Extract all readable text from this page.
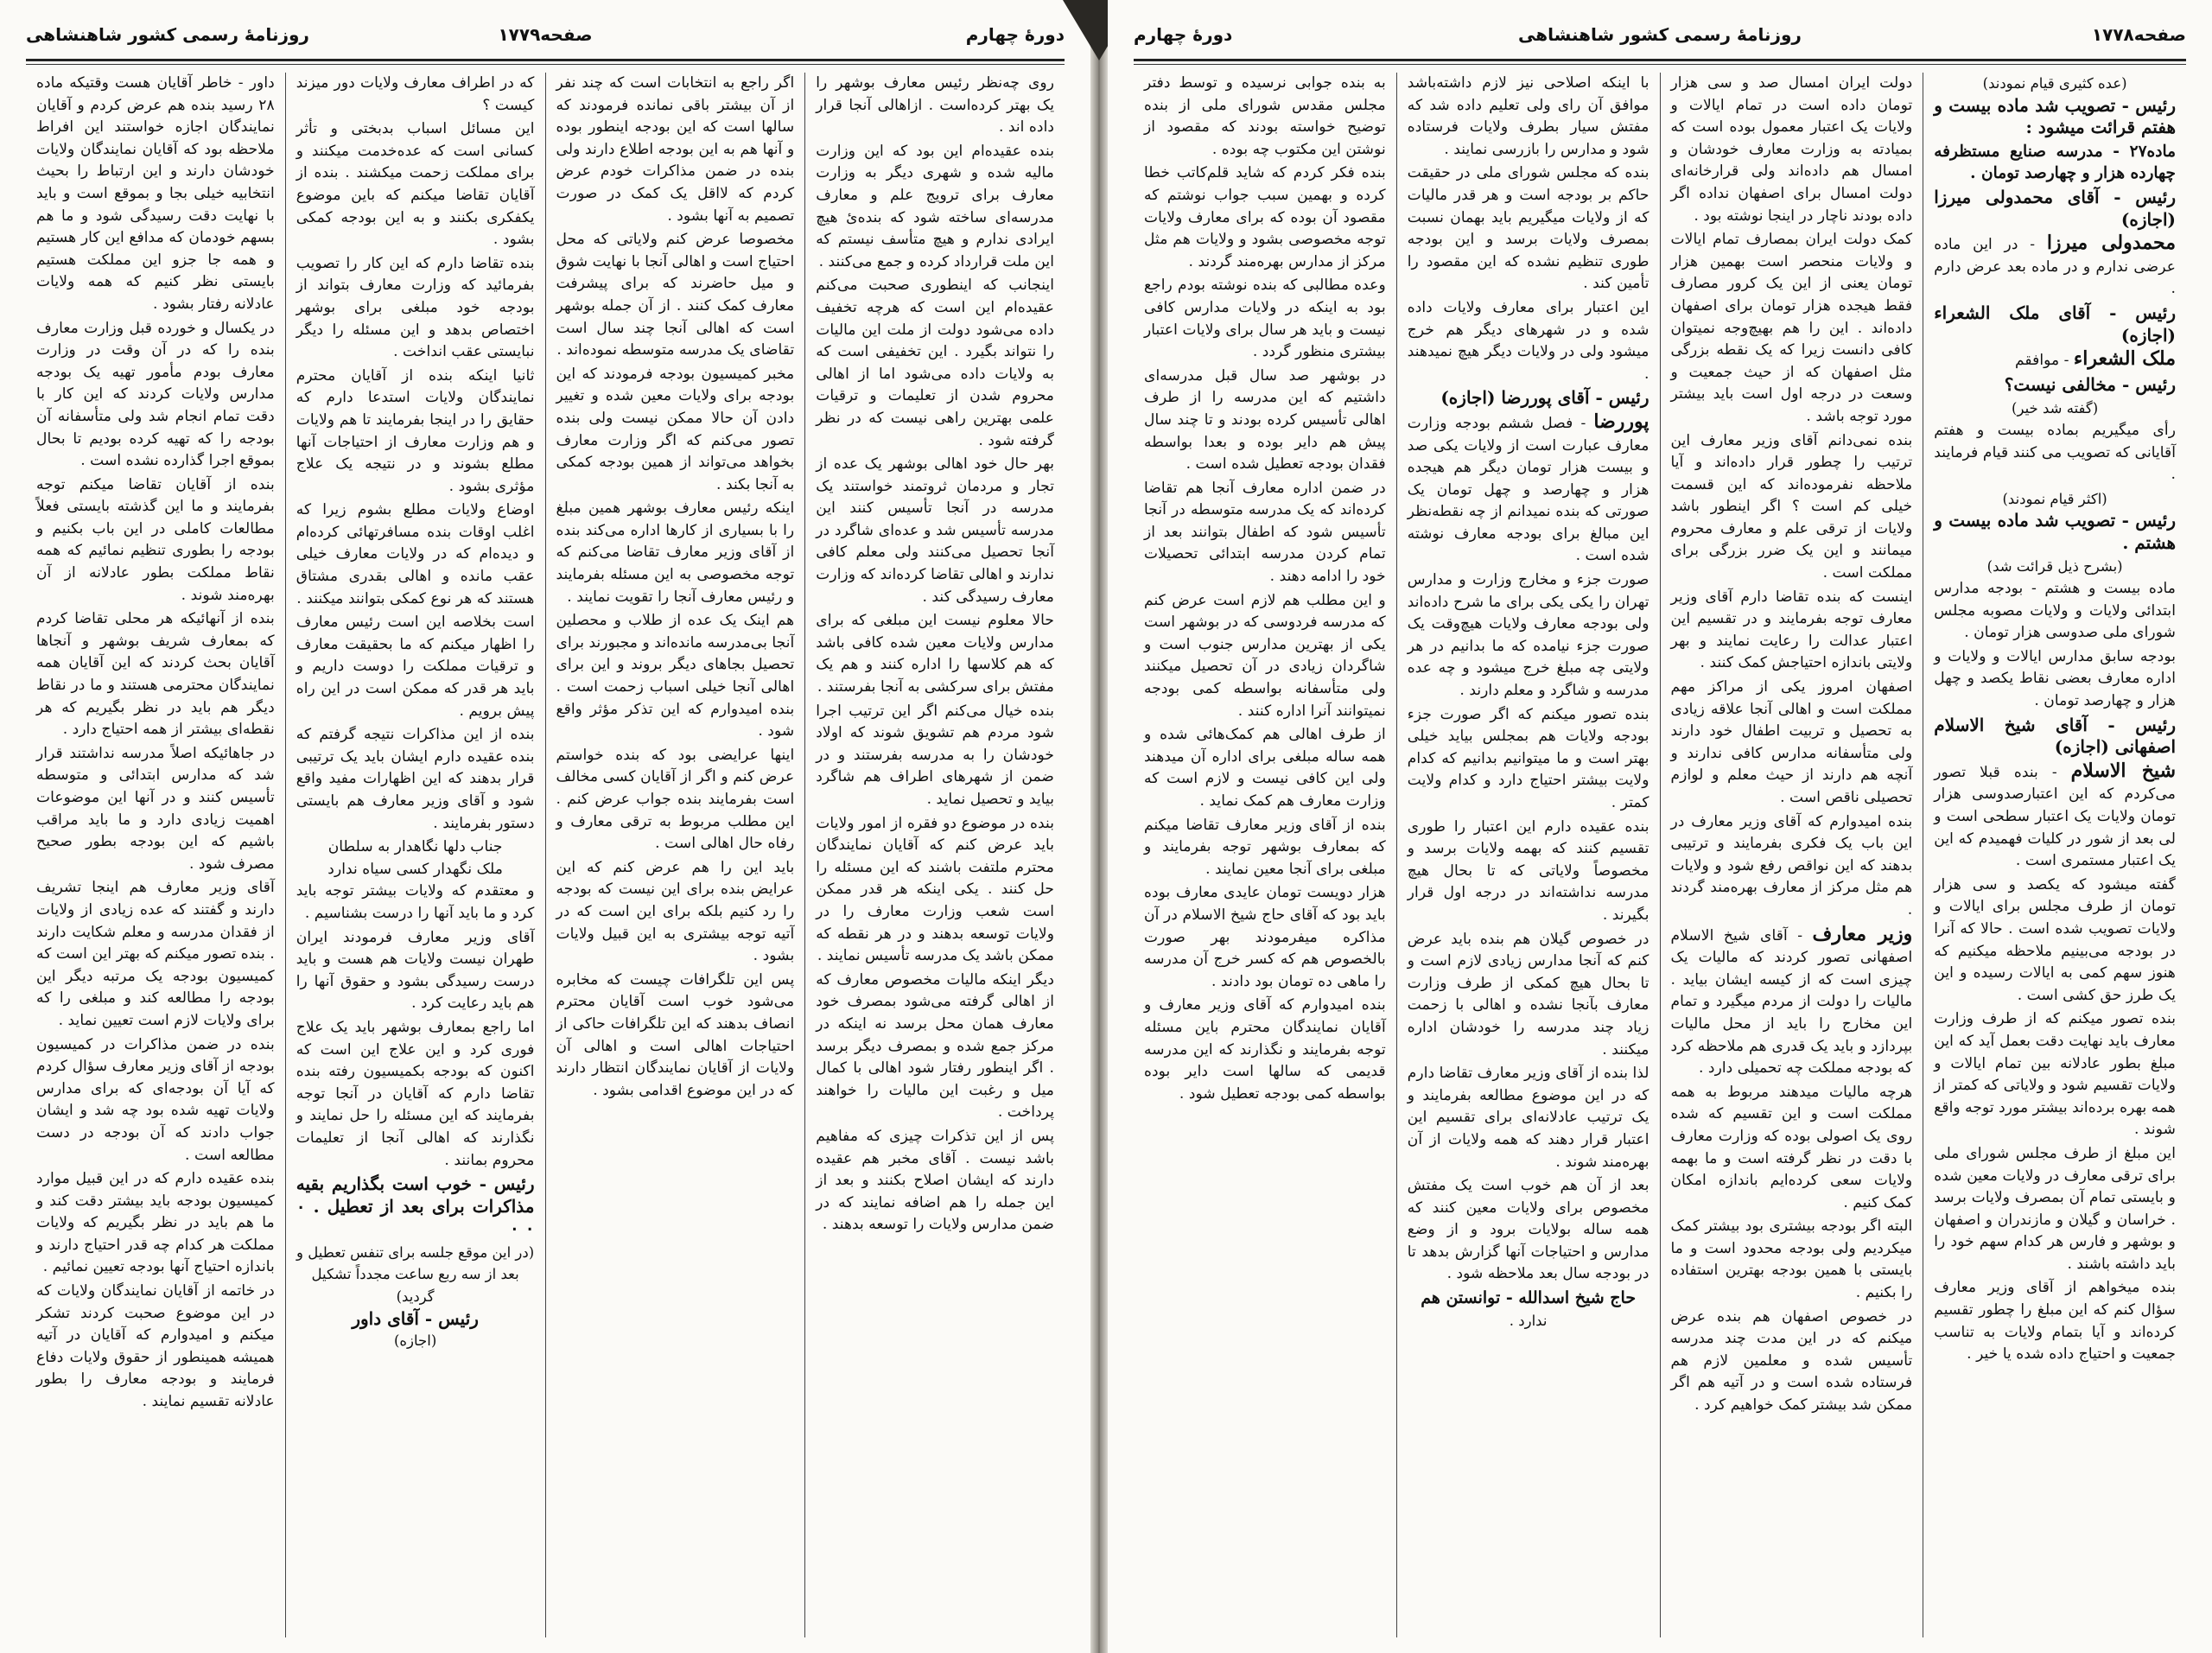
دورهٔ چهارم
صفحه۱۷۷۹
روزنامهٔ رسمی کشور شاهنشاهی

روی چه‌نظر رئیس معارف بوشهر را یک بهتر کرده‌است . ازاهالی آنجا قرار داده اند .

بنده عقیده‌ام این بود که این وزارت مالیه شده و شهری دیگر به وزارت معارف برای ترویج علم و معارف مدرسه‌ای ساخته شود که بنده‌ئ هیچ ایرادی ندارم و هیچ متأسف نیستم که این ملت قرارداد کرده و جمع می‌کنند .

اینجانب که اینطوری صحبت می‌کنم عقیده‌ام این است که هرچه تخفیف داده می‌شود دولت از ملت این مالیات را نتواند بگیرد . این تخفیفی است که به ولایات داده می‌شود اما از اهالی محروم شدن از تعلیمات و ترقیات علمی بهترین راهی نیست که در نظر گرفته شود .

بهر حال خود اهالی بوشهر یک عده از تجار و مردمان ثروتمند خواستند یک مدرسه در آنجا تأسیس کنند این مدرسه تأسیس شد و عده‌ای شاگرد در آنجا تحصیل می‌کنند ولی معلم کافی ندارند و اهالی تقاضا کرده‌اند که وزارت معارف رسیدگی کند .

حالا معلوم نیست این مبلغی که برای مدارس ولایات معین شده کافی باشد که هم کلاسها را اداره کنند و هم یک مفتش برای سرکشی به آنجا بفرستند .

بنده خیال می‌کنم اگر این ترتیب اجرا شود مردم هم تشویق شوند که اولاد خودشان را به مدرسه بفرستند و در ضمن از شهرهای اطراف هم شاگرد بیاید و تحصیل نماید .

بنده در موضوع دو فقره از امور ولایات باید عرض کنم که آقایان نمایندگان محترم ملتفت باشند که این مسئله را حل کنند . یکی اینکه هر قدر ممکن است شعب وزارت معارف را در ولایات توسعه بدهند و در هر نقطه که ممکن باشد یک مدرسه تأسیس نمایند .

دیگر اینکه مالیات مخصوص معارف که از اهالی گرفته می‌شود بمصرف خود معارف همان محل برسد نه اینکه در مرکز جمع شده و بمصرف دیگر برسد . اگر اینطور رفتار شود اهالی با کمال میل و رغبت این مالیات را خواهند پرداخت .

پس از این تذکرات چیزی که مفاهیم باشد نیست . آقای مخبر هم عقیده دارند که ایشان اصلاح بکنند و بعد از این جمله را هم اضافه نمایند که در ضمن مدارس ولایات را توسعه بدهند .

اگر راجع به انتخابات است که چند نفر از آن بیشتر باقی نمانده فرمودند که سالها است که این بودجه اینطور بوده و آنها هم به این بودجه اطلاع دارند ولی بنده در ضمن مذاکرات خودم عرض کردم که لااقل یک کمک در صورت تصمیم به آنها بشود .

مخصوصا عرض کنم ولایاتی که محل احتیاج است و اهالی آنجا با نهایت شوق و میل حاضرند که برای پیشرفت معارف کمک کنند . از آن جمله بوشهر است که اهالی آنجا چند سال است تقاضای یک مدرسه متوسطه نموده‌اند .

مخبر کمیسیون بودجه فرمودند که این بودجه برای ولایات معین شده و تغییر دادن آن حالا ممکن نیست ولی بنده تصور می‌کنم که اگر وزارت معارف بخواهد می‌تواند از همین بودجه کمکی به آنجا بکند .

اینکه رئیس معارف بوشهر همین مبلغ را با بسیاری از کارها اداره می‌کند بنده از آقای وزیر معارف تقاضا می‌کنم که توجه مخصوصی به این مسئله بفرمایند و رئیس معارف آنجا را تقویت نمایند .

هم اینک یک عده از طلاب و محصلین آنجا بی‌مدرسه مانده‌اند و مجبورند برای تحصیل بجاهای دیگر بروند و این برای اهالی آنجا خیلی اسباب زحمت است . بنده امیدوارم که این تذکر مؤثر واقع شود .

اینها عرایضی بود که بنده خواستم عرض کنم و اگر از آقایان کسی مخالف است بفرمایند بنده جواب عرض کنم . این مطلب مربوط به ترقی معارف و رفاه حال اهالی است .

باید این را هم عرض کنم که این عرایض بنده برای این نیست که بودجه را رد کنیم بلکه برای این است که در آتیه توجه بیشتری به این قبیل ولایات بشود .

پس این تلگرافات چیست که مخابره می‌شود خوب است آقایان محترم انصاف بدهند که این تلگرافات حاکی از احتیاجات اهالی است و اهالی آن ولایات از آقایان نمایندگان انتظار دارند که در این موضوع اقدامی بشود .

که در اطراف معارف ولایات دور میزند کیست ؟

این مسائل اسباب بدبختی و تأثر کسانی است که عده‌خدمت میکنند و برای مملکت زحمت میکشند . بنده از آقایان تقاضا میکنم که باین موضوع یکفکری بکنند و به این بودجه کمکی بشود .

بنده تقاضا دارم که این کار را تصویب بفرمائید که وزارت معارف بتواند از بودجه خود مبلغی برای بوشهر اختصاص بدهد و این مسئله را دیگر نبایستی عقب انداخت .

ثانیا اینکه بنده از آقایان محترم نمایندگان ولایات استدعا دارم که حقایق را در اینجا بفرمایند تا هم ولایات و هم وزارت معارف از احتیاجات آنها مطلع بشوند و در نتیجه یک علاج مؤثری بشود .

اوضاع ولایات مطلع بشوم زیرا که اغلب اوقات بنده مسافرتهائی کرده‌ام و دیده‌ام که در ولایات معارف خیلی عقب مانده و اهالی بقدری مشتاق هستند که هر نوع کمکی بتوانند میکنند .

است بخلاصه این است رئیس معارف را اظهار میکنم که ما بحقیقت معارف و ترقیات مملکت را دوست داریم و باید هر قدر که ممکن است در این راه پیش برویم .

بنده از این مذاکرات نتیجه گرفتم که بنده عقیده دارم ایشان باید یک ترتیبی قرار بدهند که این اظهارات مفید واقع شود و آقای وزیر معارف هم بایستی دستور بفرمایند .

جناب دلها نگاهدار به سلطان
ملک نگهدار کسی سیاه ندارد

و معتقدم که ولایات بیشتر توجه باید کرد و ما باید آنها را درست بشناسیم .

آقای وزیر معارف فرمودند ایران طهران نیست ولایات هم هست و باید درست رسیدگی بشود و حقوق آنها را هم باید رعایت کرد .

اما راجع بمعارف بوشهر باید یک علاج فوری کرد و این علاج این است که اکنون که بودجه بکمیسیون رفته بنده تقاضا دارم که آقایان در آنجا توجه بفرمایند که این مسئله را حل نمایند و نگذارند که اهالی آنجا از تعلیمات محروم بمانند .

رئیس - خوب است بگذاریم بقیه مذاکرات برای بعد از تعطیل . ٠ ٠ ٠

(در این موقع جلسه برای تنفس تعطیل و بعد از سه ربع ساعت مجدداً تشکیل گردید)
رئیس - آقای داور
(اجازه)

داور - خاطر آقایان هست وقتیکه ماده ۲۸ رسید بنده هم عرض کردم و آقایان نمایندگان اجازه خواستند این افراط ملاحظه بود که آقایان نمایندگان ولایات خودشان دارند و این ارتباط را بحیث انتخابیه خیلی بجا و بموقع است و باید با نهایت دقت رسیدگی شود و ما هم بسهم خودمان که مدافع این کار هستیم و همه جا جزو این مملکت هستیم بایستی نظر کنیم که همه ولایات عادلانه رفتار بشود .

در یکسال و خورده قبل وزارت معارف بنده را که در آن وقت در وزارت معارف بودم مأمور تهیه یک بودجه مدارس ولایات کردند که این کار با دقت تمام انجام شد ولی متأسفانه آن بودجه را که تهیه کرده بودیم تا بحال بموقع اجرا گذارده نشده است .

بنده از آقایان تقاضا میکنم توجه بفرمایند و ما این گذشته بایستی فعلاً مطالعات کاملی در این باب بکنیم و بودجه را بطوری تنظیم نمائیم که همه نقاط مملکت بطور عادلانه از آن بهره‌مند شوند .

بنده از آنهائیکه هر محلی تقاضا کردم که بمعارف شریف بوشهر و آنجاها آقایان بحث کردند که این آقایان همه نمایندگان محترمی هستند و ما در نقاط دیگر هم باید در نظر بگیریم که هر نقطه‌ای بیشتر از همه احتیاج دارد .

در جاهائیکه اصلاً مدرسه نداشتند قرار شد که مدارس ابتدائی و متوسطه تأسیس کنند و در آنها این موضوعات اهمیت زیادی دارد و ما باید مراقب باشیم که این بودجه بطور صحیح مصرف شود .

آقای وزیر معارف هم اینجا تشریف دارند و گفتند که عده زیادی از ولایات از فقدان مدرسه و معلم شکایت دارند . بنده تصور میکنم که بهتر این است که کمیسیون بودجه یک مرتبه دیگر این بودجه را مطالعه کند و مبلغی را که برای ولایات لازم است تعیین نماید .

بنده در ضمن مذاکرات در کمیسیون بودجه از آقای وزیر معارف سؤال کردم که آیا آن بودجه‌ای که برای مدارس ولایات تهیه شده بود چه شد و ایشان جواب دادند که آن بودجه در دست مطالعه است .

بنده عقیده دارم که در این قبیل موارد کمیسیون بودجه باید بیشتر دقت کند و ما هم باید در نظر بگیریم که ولایات مملکت هر کدام چه قدر احتیاج دارند و باندازه احتیاج آنها بودجه تعیین نمائیم .

در خاتمه از آقایان نمایندگان ولایات که در این موضوع صحبت کردند تشکر میکنم و امیدوارم که آقایان در آتیه همیشه همینطور از حقوق ولایات دفاع فرمایند و بودجه معارف را بطور عادلانه تقسیم نمایند .

صفحه۱۷۷۸
روزنامهٔ رسمی کشور شاهنشاهی
دورهٔ چهارم
(عده کثیری قیام نمودند)

رئیس - تصویب شد ماده بیست و هفتم قرائت میشود :

ماده۲۷ - مدرسه صنایع مستظرفه چهارده هزار و چهارصد تومان .

رئیس - آقای محمدولی میرزا (اجازه)

محمدولی میرزا - در این ماده عرضی ندارم و در ماده بعد عرض دارم .

رئیس - آقای ملک الشعراء (اجازه)

ملک الشعراء - موافقم

رئیس - مخالفی نیست؟

(گفته شد خیر)

رأی میگیریم بماده بیست و هفتم آقایانی که تصویب می کنند قیام فرمایند .

(اکثر قیام نمودند)

رئیس - تصویب شد ماده بیست و هشتم .

(بشرح ذیل قرائت شد)

ماده بیست و هشتم - بودجه مدارس ابتدائی ولایات و ولایات مصوبه مجلس شورای ملی صدوسی هزار تومان .

بودجه سابق مدارس ایالات و ولایات و اداره معارف بعضی نقاط یکصد و چهل هزار و چهارصد تومان .

رئیس - آقای شیخ الاسلام اصفهانی (اجازه)

شیخ الاسلام - بنده قبلا تصور می‌کردم که این اعتبارصدوسی هزار تومان ولایات یک اعتبار سطحی است و لی بعد از شور در کلیات فهمیدم که این یک اعتبار مستمری است .

گفته میشود که یکصد و سی هزار تومان از طرف مجلس برای ایالات و ولایات تصویب شده است . حالا که آنرا در بودجه می‌بینیم ملاحظه میکنیم که هنوز سهم کمی به ایالات رسیده و این یک طرز حق کشی است .

بنده تصور میکنم که از طرف وزارت معارف باید نهایت دقت بعمل آید که این مبلغ بطور عادلانه بین تمام ایالات و ولایات تقسیم شود و ولایاتی که کمتر از همه بهره برده‌اند بیشتر مورد توجه واقع شوند .

این مبلغ از طرف مجلس شورای ملی برای ترقی معارف در ولایات معین شده و بایستی تمام آن بمصرف ولایات برسد . خراسان و گیلان و مازندران و اصفهان و بوشهر و فارس هر کدام سهم خود را باید داشته باشند .

بنده میخواهم از آقای وزیر معارف سؤال کنم که این مبلغ را چطور تقسیم کرده‌اند و آیا بتمام ولایات به تناسب جمعیت و احتیاج داده شده یا خیر .

دولت ایران امسال صد و سی هزار تومان داده است در تمام ایالات و ولایات یک اعتبار معمول بوده است که بمیادته به وزارت معارف خودشان و امسال هم داده‌اند ولی قرارخانه‌ای دولت امسال برای اصفهان نداده اگر داده بودند ناچار در اینجا نوشته بود .

کمک دولت ایران بمصارف تمام ایالات و ولایات منحصر است بهمین هزار تومان یعنی از این یک کرور مصارف فقط هیجده هزار تومان برای اصفهان داده‌اند . این را هم بهیچ‌وجه نمیتوان کافی دانست زیرا که یک نقطه بزرگی مثل اصفهان که از حیث جمعیت و وسعت در درجه اول است باید بیشتر مورد توجه باشد .

بنده نمی‌دانم آقای وزیر معارف این ترتیب را چطور قرار داده‌اند و آیا ملاحظه نفرموده‌اند که این قسمت خیلی کم است ؟ اگر اینطور باشد ولایات از ترقی علم و معارف محروم میمانند و این یک ضرر بزرگی برای مملکت است .

اینست که بنده تقاضا دارم آقای وزیر معارف توجه بفرمایند و در تقسیم این اعتبار عدالت را رعایت نمایند و بهر ولایتی باندازه احتیاجش کمک کنند .

اصفهان امروز یکی از مراکز مهم مملکت است و اهالی آنجا علاقه زیادی به تحصیل و تربیت اطفال خود دارند ولی متأسفانه مدارس کافی ندارند و آنچه هم دارند از حیث معلم و لوازم تحصیلی ناقص است .

بنده امیدوارم که آقای وزیر معارف در این باب یک فکری بفرمایند و ترتیبی بدهند که این نواقص رفع شود و ولایات هم مثل مرکز از معارف بهره‌مند گردند .

وزیر معارف - آقای شیخ الاسلام اصفهانی تصور کردند که مالیات یک چیزی است که از کیسه ایشان بیاید . مالیات را دولت از مردم میگیرد و تمام این مخارج را باید از محل مالیات بپردازد و باید یک قدری هم ملاحظه کرد که بودجه مملکت چه تحمیلی دارد .

هرچه مالیات میدهند مربوط به همه مملکت است و این تقسیم که شده روی یک اصولی بوده که وزارت معارف با دقت در نظر گرفته است و ما بهمه ولایات سعی کرده‌ایم باندازه امکان کمک کنیم .

البته اگر بودجه بیشتری بود بیشتر کمک میکردیم ولی بودجه محدود است و ما بایستی با همین بودجه بهترین استفاده را بکنیم .

در خصوص اصفهان هم بنده عرض میکنم که در این مدت چند مدرسه تأسیس شده و معلمین لازم هم فرستاده شده است و در آتیه هم اگر ممکن شد بیشتر کمک خواهیم کرد .

با اینکه اصلاحی نیز لازم داشته‌باشد موافق آن رای ولی تعلیم داده شد که مفتش سیار بطرف ولایات فرستاده شود و مدارس را بازرسی نمایند .

بنده که مجلس شورای ملی در حقیقت حاکم بر بودجه است و هر قدر مالیات که از ولایات میگیریم باید بهمان نسبت بمصرف ولایات برسد و این بودجه طوری تنظیم نشده که این مقصود را تأمین کند .

این اعتبار برای معارف ولایات داده شده و در شهرهای دیگر هم خرج میشود ولی در ولایات دیگر هیچ نمیدهند .

رئیس - آقای پوررضا (اجازه)

پوررضا - فصل ششم بودجه وزارت معارف عبارت است از ولایات یکی صد و بیست هزار تومان دیگر هم هیجده هزار و چهارصد و چهل تومان یک صورتی که بنده نمیدانم از چه نقطه‌نظر این مبالغ برای بودجه معارف نوشته شده است .

صورت جزء و مخارج وزارت و مدارس تهران را یکی یکی برای ما شرح داده‌اند ولی بودجه معارف ولایات هیچ‌وقت یک صورت جزء نیامده که ما بدانیم در هر ولایتی چه مبلغ خرج میشود و چه عده مدرسه و شاگرد و معلم دارند .

بنده تصور میکنم که اگر صورت جزء بودجه ولایات هم بمجلس بیاید خیلی بهتر است و ما میتوانیم بدانیم که کدام ولایت بیشتر احتیاج دارد و کدام ولایت کمتر .

بنده عقیده دارم این اعتبار را طوری تقسیم کنند که بهمه ولایات برسد و مخصوصاً ولایاتی که تا بحال هیچ مدرسه نداشته‌اند در درجه اول قرار بگیرند .

در خصوص گیلان هم بنده باید عرض کنم که آنجا مدارس زیادی لازم است و تا بحال هیچ کمکی از طرف وزارت معارف بآنجا نشده و اهالی با زحمت زیاد چند مدرسه را خودشان اداره میکنند .

لذا بنده از آقای وزیر معارف تقاضا دارم که در این موضوع مطالعه بفرمایند و یک ترتیب عادلانه‌ای برای تقسیم این اعتبار قرار دهند که همه ولایات از آن بهره‌مند شوند .

بعد از آن هم خوب است یک مفتش مخصوص برای ولایات معین کنند که همه ساله بولایات برود و از وضع مدارس و احتیاجات آنها گزارش بدهد تا در بودجه سال بعد ملاحظه شود .

حاج شیخ اسدالله - توانستن هم
ندارد .

به بنده جوابی نرسیده و توسط دفتر مجلس مقدس شورای ملی از بنده توضیح خواسته بودند که مقصود از نوشتن این مکتوب چه بوده .

بنده فکر کردم که شاید قلم‌کاتب خطا کرده و بهمین سبب جواب نوشتم که مقصود آن بوده که برای معارف ولایات توجه مخصوصی بشود و ولایات هم مثل مرکز از مدارس بهره‌مند گردند .

وعده مطالبی که بنده نوشته بودم راجع بود به اینکه در ولایات مدارس کافی نیست و باید هر سال برای ولایات اعتبار بیشتری منظور گردد .

در بوشهر صد سال قبل مدرسه‌ای داشتیم که این مدرسه را از طرف اهالی تأسیس کرده بودند و تا چند سال پیش هم دایر بوده و بعدا بواسطه فقدان بودجه تعطیل شده است .

در ضمن اداره معارف آنجا هم تقاضا کرده‌اند که یک مدرسه متوسطه در آنجا تأسیس شود که اطفال بتوانند بعد از تمام کردن مدرسه ابتدائی تحصیلات خود را ادامه دهند .

و این مطلب هم لازم است عرض کنم که مدرسه فردوسی که در بوشهر است یکی از بهترین مدارس جنوب است و شاگردان زیادی در آن تحصیل میکنند ولی متأسفانه بواسطه کمی بودجه نمیتوانند آنرا اداره کنند .

از طرف اهالی هم کمک‌هائی شده و همه ساله مبلغی برای اداره آن میدهند ولی این کافی نیست و لازم است که وزارت معارف هم کمک نماید .

بنده از آقای وزیر معارف تقاضا میکنم که بمعارف بوشهر توجه بفرمایند و مبلغی برای آنجا معین نمایند .

هزار دویست تومان عایدی معارف بوده باید بود که آقای حاج شیخ الاسلام در آن مذاکره میفرمودند بهر صورت بالخصوص هم که کسر خرج آن مدرسه را ماهی ده تومان بود دادند .

بنده امیدوارم که آقای وزیر معارف و آقایان نمایندگان محترم باین مسئله توجه بفرمایند و نگذارند که این مدرسه قدیمی که سالها است دایر بوده بواسطه کمی بودجه تعطیل شود .
